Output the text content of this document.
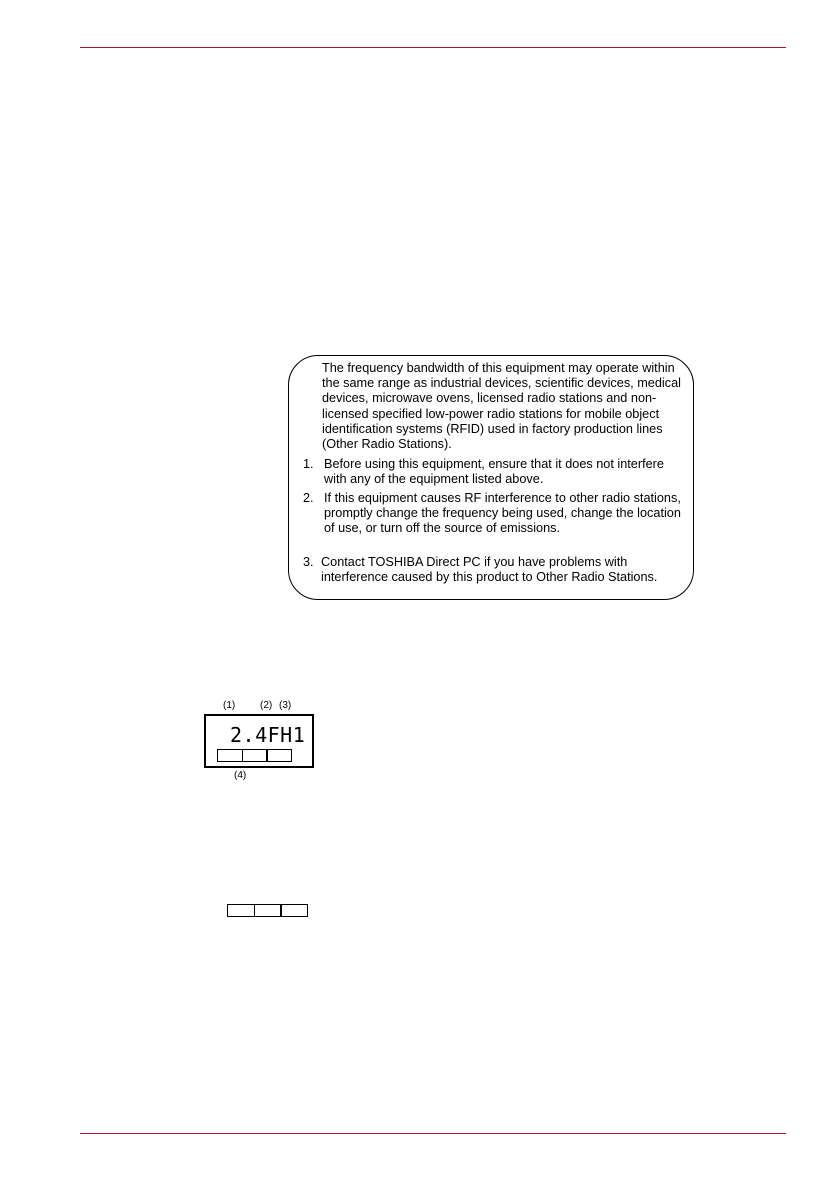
The frequency bandwidth of this equipment may operate within the same range as industrial devices, scientific devices, medical devices, microwave ovens, licensed radio stations and non-licensed specified low-power radio stations for mobile object identification systems (RFID) used in factory production lines (Other Radio Stations).

1. Before using this equipment, ensure that it does not interfere with any of the equipment listed above.
2. If this equipment causes RF interference to other radio stations, promptly change the frequency being used, change the location of use, or turn off the source of emissions.
3. Contact TOSHIBA Direct PC if you have problems with interference caused by this product to Other Radio Stations.
(1) (2) (3)
2.4FH1
(4)
